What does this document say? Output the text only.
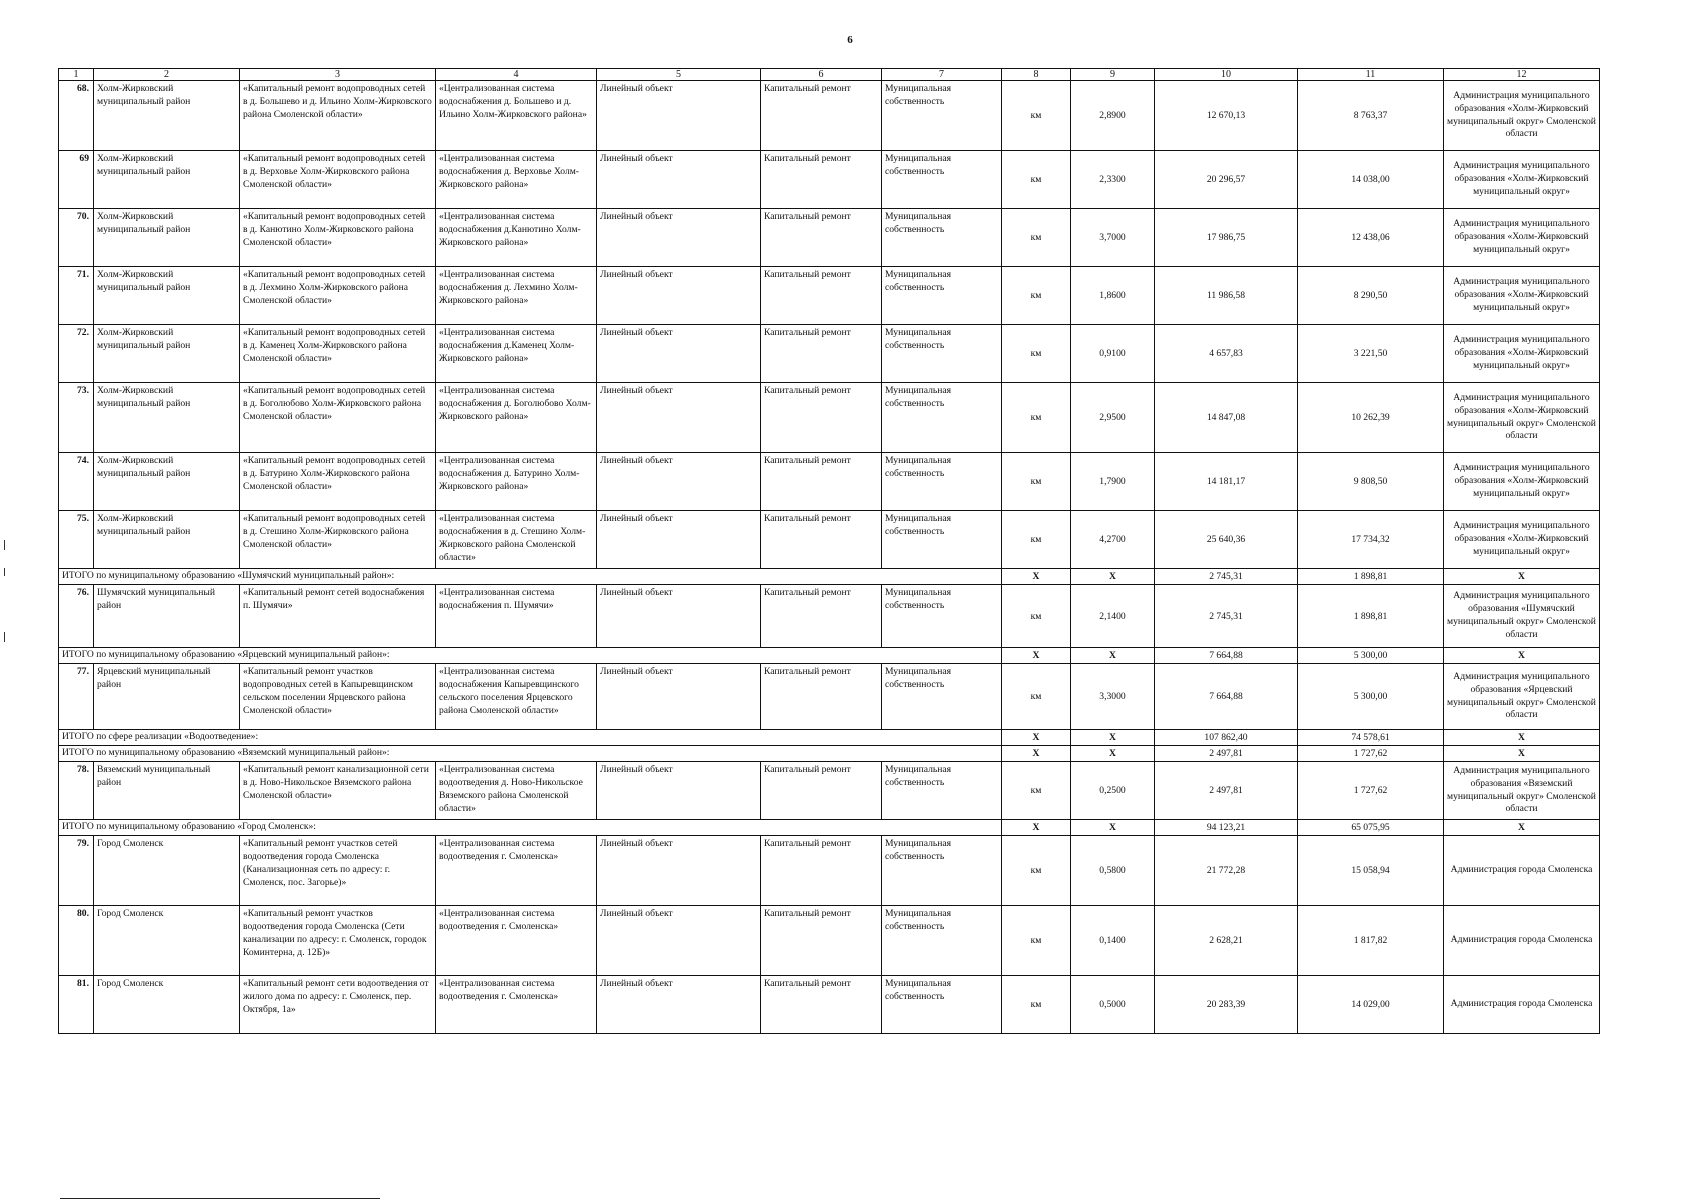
6
1	2	3	4	5	6	7	8	9	10	11	12
68.	Холм-Жирковский муниципальный район	«Капитальный ремонт водопроводных сетей в д. Большево и д. Ильино Холм-Жирковского района Смоленской области»	«Централизованная система водоснабжения д. Большево и д. Ильино Холм-Жирковского района»	Линейный объект	Капитальный ремонт	Муниципальная собственность	км	2,8900	12 670,13	8 763,37	Администрация муниципального образования «Холм-Жирковский муниципальный округ» Смоленской области
69	Холм-Жирковский муниципальный район	«Капитальный ремонт водопроводных сетей в д. Верховье Холм-Жирковского района Смоленской области»	«Централизованная система водоснабжения д. Верховье Холм-Жирковского района»	Линейный объект	Капитальный ремонт	Муниципальная собственность	км	2,3300	20 296,57	14 038,00	Администрация муниципального образования «Холм-Жирковский муниципальный округ»
70.	Холм-Жирковский муниципальный район	«Капитальный ремонт водопроводных сетей в д. Канютино Холм-Жирковского района Смоленской области»	«Централизованная система водоснабжения д.Канютино Холм-Жирковского района»	Линейный объект	Капитальный ремонт	Муниципальная собственность	км	3,7000	17 986,75	12 438,06	Администрация муниципального образования «Холм-Жирковский муниципальный округ»
71.	Холм-Жирковский муниципальный район	«Капитальный ремонт водопроводных сетей в д. Лехмино Холм-Жирковского района Смоленской области»	«Централизованная система водоснабжения д. Лехмино Холм-Жирковского района»	Линейный объект	Капитальный ремонт	Муниципальная собственность	км	1,8600	11 986,58	8 290,50	Администрация муниципального образования «Холм-Жирковский муниципальный округ»
72.	Холм-Жирковский муниципальный район	«Капитальный ремонт водопроводных сетей в д. Каменец Холм-Жирковского района Смоленской области»	«Централизованная система водоснабжения д.Каменец Холм-Жирковского района»	Линейный объект	Капитальный ремонт	Муниципальная собственность	км	0,9100	4 657,83	3 221,50	Администрация муниципального образования «Холм-Жирковский муниципальный округ»
73.	Холм-Жирковский муниципальный район	«Капитальный ремонт водопроводных сетей в д. Боголюбово Холм-Жирковского района Смоленской области»	«Централизованная система водоснабжения д. Боголюбово Холм-Жирковского района»	Линейный объект	Капитальный ремонт	Муниципальная собственность	км	2,9500	14 847,08	10 262,39	Администрация муниципального образования «Холм-Жирковский муниципальный округ» Смоленской области
74.	Холм-Жирковский муниципальный район	«Капитальный ремонт водопроводных сетей в д. Батурино Холм-Жирковского района Смоленской области»	«Централизованная система водоснабжения д. Батурино Холм-Жирковского района»	Линейный объект	Капитальный ремонт	Муниципальная собственность	км	1,7900	14 181,17	9 808,50	Администрация муниципального образования «Холм-Жирковский муниципальный округ»
75.	Холм-Жирковский муниципальный район	«Капитальный ремонт водопроводных сетей в д. Стешино Холм-Жирковского района Смоленской области»	«Централизованная система водоснабжения в д. Стешино Холм-Жирковского района Смоленской области»	Линейный объект	Капитальный ремонт	Муниципальная собственность	км	4,2700	25 640,36	17 734,32	Администрация муниципального образования «Холм-Жирковский муниципальный округ»
ИТОГО по муниципальному образованию «Шумячский муниципальный район»:							X	X	2 745,31	1 898,81	X
76.	Шумячский муниципальный район	«Капитальный ремонт сетей водоснабжения п. Шумячи»	«Централизованная система водоснабжения п. Шумячи»	Линейный объект	Капитальный ремонт	Муниципальная собственность	км	2,1400	2 745,31	1 898,81	Администрация муниципального образования «Шумячский муниципальный округ» Смоленской области
ИТОГО по муниципальному образованию «Ярцевский муниципальный район»:							X	X	7 664,88	5 300,00	X
77.	Ярцевский муниципальный район	«Капитальный ремонт участков водопроводных сетей в Капыревщинском сельском поселении Ярцевского района Смоленской области»	«Централизованная система водоснабжения Капыревщинского сельского поселения Ярцевского района Смоленской области»	Линейный объект	Капитальный ремонт	Муниципальная собственность	км	3,3000	7 664,88	5 300,00	Администрация муниципального образования «Ярцевский муниципальный округ» Смоленской области
ИТОГО по сфере реализации «Водоотведение»:							X	X	107 862,40	74 578,61	X
ИТОГО по муниципальному образованию «Вяземский муниципальный район»:							X	X	2 497,81	1 727,62	X
78.	Вяземский муниципальный район	«Капитальный ремонт канализационной сети в д. Ново-Никольское Вяземского района Смоленской области»	«Централизованная система водоотведения д. Ново-Никольское Вяземского района Смоленской области»	Линейный объект	Капитальный ремонт	Муниципальная собственность	км	0,2500	2 497,81	1 727,62	Администрация муниципального образования «Вяземский муниципальный округ» Смоленской области
ИТОГО по муниципальному образованию «Город Смоленск»:							X	X	94 123,21	65 075,95	X
79.	Город Смоленск	«Капитальный ремонт участков сетей водоотведения города Смоленска (Канализационная сеть по адресу: г. Смоленск, пос. Загорье)»	«Централизованная система водоотведения г. Смоленска»	Линейный объект	Капитальный ремонт	Муниципальная собственность	км	0,5800	21 772,28	15 058,94	Администрация города Смоленска
80.	Город Смоленск	«Капитальный ремонт участков водоотведения города Смоленска (Сети канализации по адресу: г. Смоленск, городок Коминтерна, д. 12Б)»	«Централизованная система водоотведения г. Смоленска»	Линейный объект	Капитальный ремонт	Муниципальная собственность	км	0,1400	2 628,21	1 817,82	Администрация города Смоленска
81.	Город Смоленск	«Капитальный ремонт сети водоотведения от жилого дома по адресу: г. Смоленск, пер. Октября, 1а»	«Централизованная система водоотведения г. Смоленска»	Линейный объект	Капитальный ремонт	Муниципальная собственность	км	0,5000	20 283,39	14 029,00	Администрация города Смоленска
